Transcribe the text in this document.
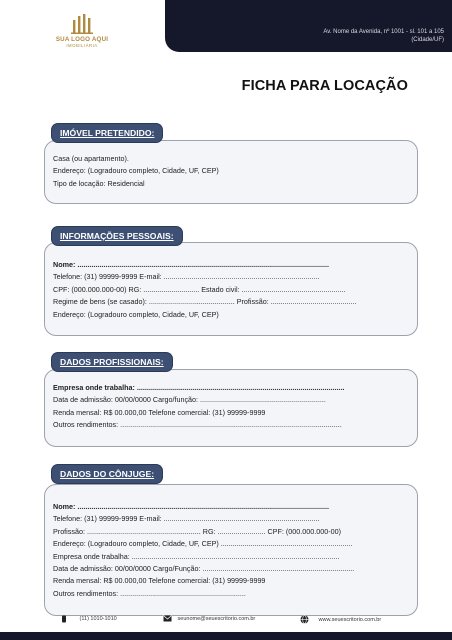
Av. Nome da Avenida, nº 1001 - sl. 101 a 105
(Cidade/UF)
SUA LOGO AQUI
IMOBILIÁRIA
FICHA PARA LOCAÇÃO
Casa (ou apartamento).
Endereço: (Logradouro completo, Cidade, UF, CEP)
Tipo de locação: Residencial
IMÓVEL PRETENDIDO:
Nome: ..............................................................................................................................
Telefone: (31) 99999-9999 E-mail: ..............................................................................
CPF: (000.000.000-00) RG: ............................ Estado civil: ....................................................
Regime de bens (se casado): ........................................... Profissão: ...........................................
Endereço: (Logradouro completo, Cidade, UF, CEP)
INFORMAÇÕES PESSOAIS:
Empresa onde trabalha: ........................................................................................................
Data de admissão: 00/00/0000 Cargo/função: ...............................................................
Renda mensal: R$ 00.000,00 Telefone comercial: (31) 99999-9999
Outros rendimentos: ...............................................................................................................
DADOS PROFISSIONAIS:
Nome: ..............................................................................................................................
Telefone: (31) 99999-9999 E-mail: ..............................................................................
Profissão: ......................................................... RG: ........................ CPF: (000.000.000-00)
Endereço: (Logradouro completo, Cidade, UF, CEP) ..................................................................
Empresa onde trabalha: ........................................................................................................
Data de admissão: 00/00/0000 Cargo/Função: ............................................................................
Renda mensal: R$ 00.000,00 Telefone comercial: (31) 99999-9999
Outros rendimentos: ...............................................................
DADOS DO CÔNJUGE:
(11) 1010-1010	seunome@seuescritorio.com.br	www.seuescritorio.com.br
